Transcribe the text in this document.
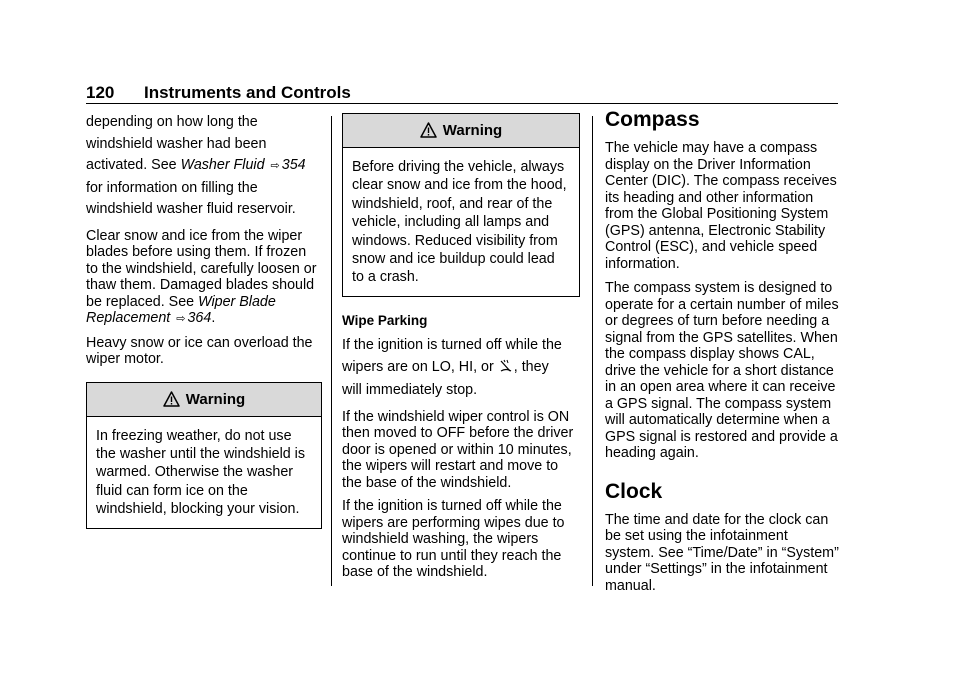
120 Instruments and Controls

depending on how long the

windshield washer had been

activated. See Washer Fluid ⇨ 354

for information on filling the

windshield washer fluid reservoir.

Clear snow and ice from the wiper blades before using them. If frozen to the windshield, carefully loosen or thaw them. Damaged blades should be replaced. See Wiper Blade Replacement ⇨ 364.

Heavy snow or ice can overload the wiper motor.

Warning

In freezing weather, do not use the washer until the windshield is warmed. Otherwise the washer fluid can form ice on the windshield, blocking your vision.

Warning

Before driving the vehicle, always clear snow and ice from the hood, windshield, roof, and rear of the vehicle, including all lamps and windows. Reduced visibility from snow and ice buildup could lead to a crash.

Wipe Parking

If the ignition is turned off while the

wipers are on LO, HI, or , they

will immediately stop.

If the windshield wiper control is ON then moved to OFF before the driver door is opened or within 10 minutes, the wipers will restart and move to the base of the windshield.

If the ignition is turned off while the wipers are performing wipes due to windshield washing, the wipers continue to run until they reach the base of the windshield.

Compass

The vehicle may have a compass display on the Driver Information Center (DIC). The compass receives its heading and other information from the Global Positioning System (GPS) antenna, Electronic Stability Control (ESC), and vehicle speed information.

The compass system is designed to operate for a certain number of miles or degrees of turn before needing a signal from the GPS satellites. When the compass display shows CAL, drive the vehicle for a short distance in an open area where it can receive a GPS signal. The compass system will automatically determine when a GPS signal is restored and provide a heading again.

Clock

The time and date for the clock can be set using the infotainment system. See “Time/Date” in “System” under “Settings” in the infotainment manual.
